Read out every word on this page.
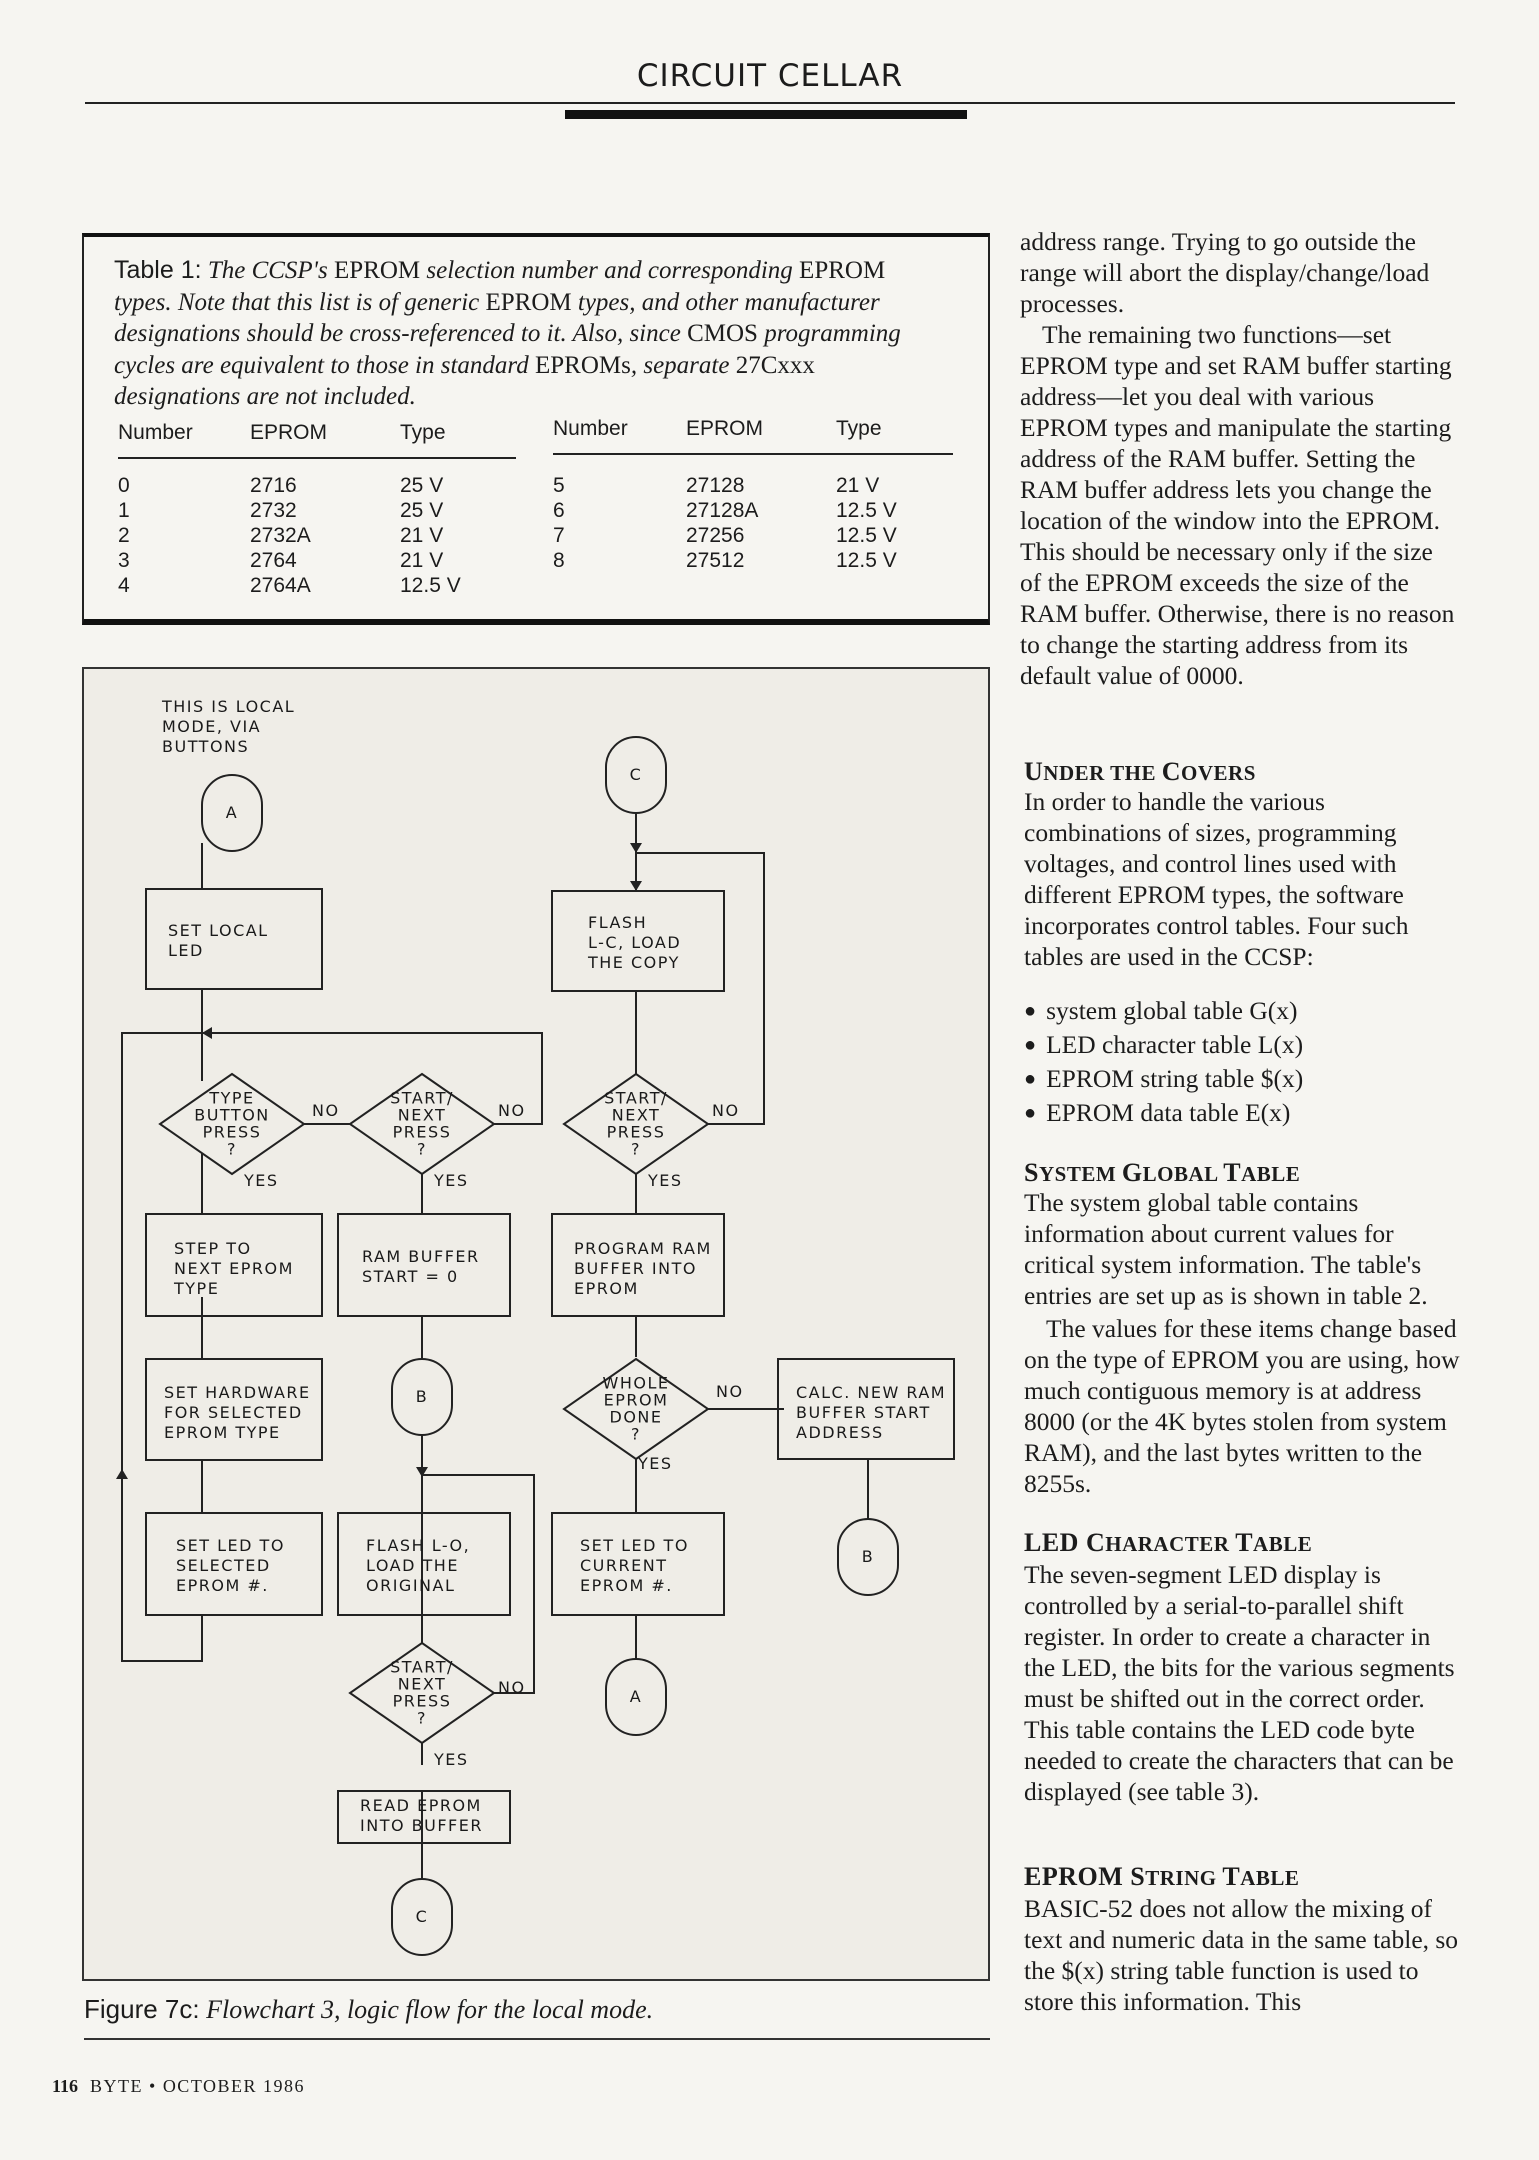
CIRCUIT CELLAR
Table 1: The CCSP's EPROM selection number and corresponding EPROM types. Note that this list is of generic EPROM types, and other manufacturer designations should be cross-referenced to it. Also, since CMOS programming cycles are equivalent to those in standard EPROMs, separate 27Cxxx designations are not included.
Number	EPROM	Type
0	2716	25 V
1	2732	25 V
2	2732A	21 V
3	2764	21 V
4	2764A	12.5 V
Number	EPROM	Type
5	27128	21 V
6	27128A	12.5 V
7	27256	12.5 V
8	27512	12.5 V
THIS IS LOCAL
MODE, VIA
BUTTONS
A
C
SET LOCAL
LED
FLASH
L-C, LOAD
THE COPY
TYPE
BUTTON
PRESS
?
START/
NEXT
PRESS
?
START/
NEXT
PRESS
?
STEP TO
NEXT EPROM
TYPE
RAM BUFFER
START = 0
PROGRAM RAM
BUFFER INTO
EPROM
SET HARDWARE
FOR SELECTED
EPROM TYPE
B
WHOLE
EPROM
DONE
?
CALC. NEW RAM
BUFFER START
ADDRESS
SET LED TO
SELECTED
EPROM #.
FLASH L-O,
LOAD THE
ORIGINAL
SET LED TO
CURRENT
EPROM #.
B
A
START/
NEXT
PRESS
?
READ EPROM
INTO BUFFER
C
YES	YES	YES
YES
YES
NO	NO	NO
NO
NO
Figure 7c: Flowchart 3, logic flow for the local mode.

address range. Trying to go outside the range will abort the display/change/load processes.

The remaining two functions—set EPROM type and set RAM buffer starting address—let you deal with various EPROM types and manipulate the starting address of the RAM buffer. Setting the RAM buffer address lets you change the location of the window into the EPROM. This should be necessary only if the size of the EPROM exceeds the size of the RAM buffer. Otherwise, there is no reason to change the starting address from its default value of 0000.

UNDER THE COVERS

In order to handle the various combinations of sizes, programming voltages, and control lines used with different EPROM types, the software incorporates control tables. Four such tables are used in the CCSP:

● system global table G(x)
● LED character table L(x)
● EPROM string table $(x)
● EPROM data table E(x)
SYSTEM GLOBAL TABLE

The system global table contains information about current values for critical system information. The table's entries are set up as is shown in table 2.

The values for these items change based on the type of EPROM you are using, how much contiguous memory is at address 8000 (or the 4K bytes stolen from system RAM), and the last bytes written to the 8255s.

LED CHARACTER TABLE

The seven-segment LED display is controlled by a serial-to-parallel shift register. In order to create a character in the LED, the bits for the various segments must be shifted out in the correct order. This table contains the LED code byte needed to create the characters that can be displayed (see table 3).

EPROM STRING TABLE

BASIC-52 does not allow the mixing of text and numeric data in the same table, so the $(x) string table function is used to store this information. This

116 BYTE • OCTOBER 1986
